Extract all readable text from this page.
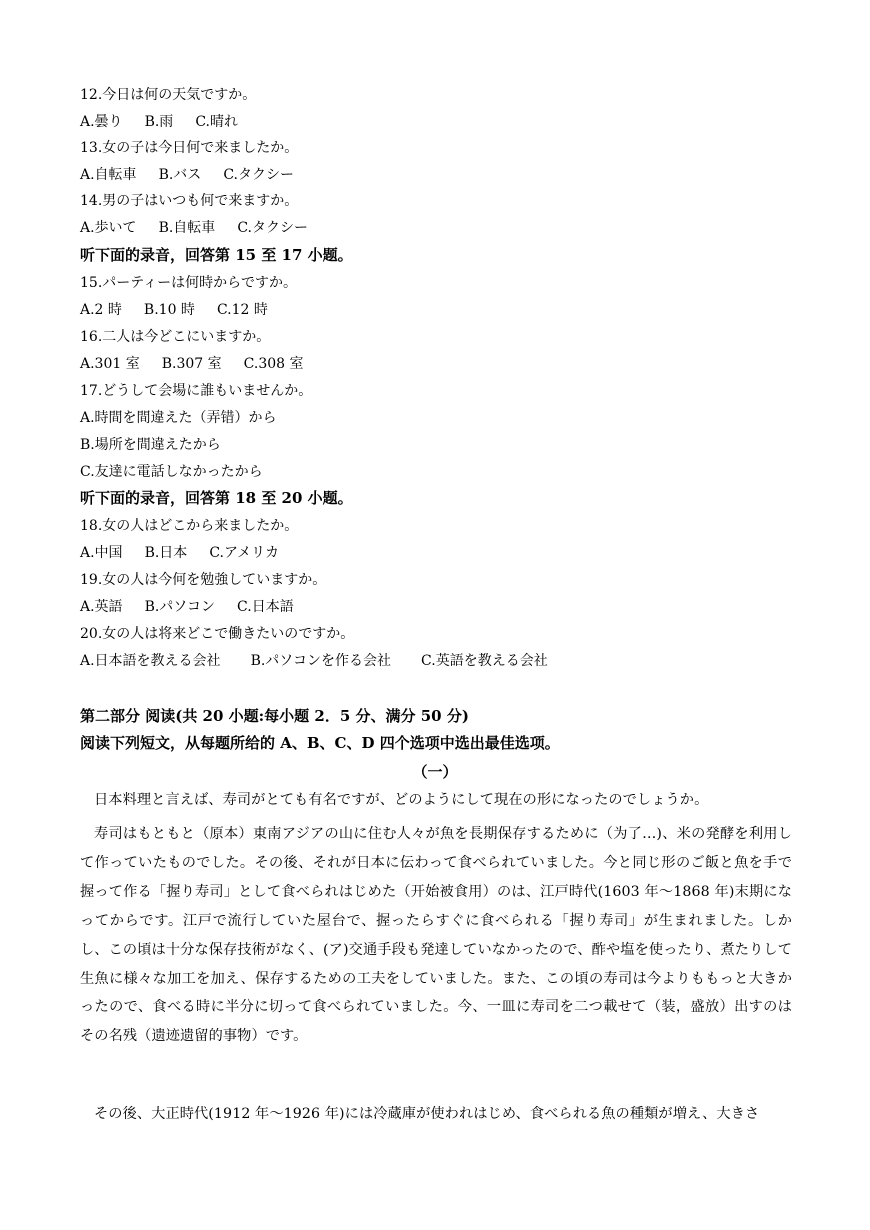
12.今日は何の天気ですか。
A.曇り B.雨 C.晴れ
13.女の子は今日何で来ましたか。
A.自転車 B.バス C.タクシー
14.男の子はいつも何で来ますか。
A.歩いて B.自転車 C.タクシー
听下面的录音，回答第 15 至 17 小题。
15.パーティーは何時からですか。
A.2 時 B.10 時 C.12 時
16.二人は今どこにいますか。
A.301 室 B.307 室 C.308 室
17.どうして会場に誰もいませんか。
A.時間を間違えた（弄错）から
B.場所を間違えたから
C.友達に電話しなかったから
听下面的录音，回答第 18 至 20 小题。
18.女の人はどこから来ましたか。
A.中国 B.日本 C.アメリカ
19.女の人は今何を勉強していますか。
A.英語 B.パソコン C.日本語
20.女の人は将来どこで働きたいのですか。
A.日本語を教える会社 B.パソコンを作る会社 C.英語を教える会社
第二部分 阅读(共 20 小题:每小题 2．5 分、满分 50 分)
阅读下列短文，从每题所给的 A、B、C、D 四个选项中选出最佳选项。
（一）
日本料理と言えば、寿司がとても有名ですが、どのようにして現在の形になったのでしょうか。
寿司はもともと（原本）東南アジアの山に住む人々が魚を長期保存するために（为了…)、米の発酵を利用して作っていたものでした。その後、それが日本に伝わって食べられていました。今と同じ形のご飯と魚を手で握って作る「握り寿司」として食べられはじめた（开始被食用）のは、江戸時代(1603 年～1868 年)末期になってからです。江戸で流行していた屋台で、握ったらすぐに食べられる「握り寿司」が生まれました。しかし、この頃は十分な保存技術がなく、(ア)交通手段も発達していなかったので、酢や塩を使ったり、煮たりして生魚に様々な加工を加え、保存するための工夫をしていました。また、この頃の寿司は今よりももっと大きかったので、食べる時に半分に切って食べられていました。今、一皿に寿司を二つ載せて（装，盛放）出すのはその名残（遗迹遗留的事物）です。
その後、大正時代(1912 年～1926 年)には冷蔵庫が使われはじめ、食べられる魚の種類が増え、大きさ
